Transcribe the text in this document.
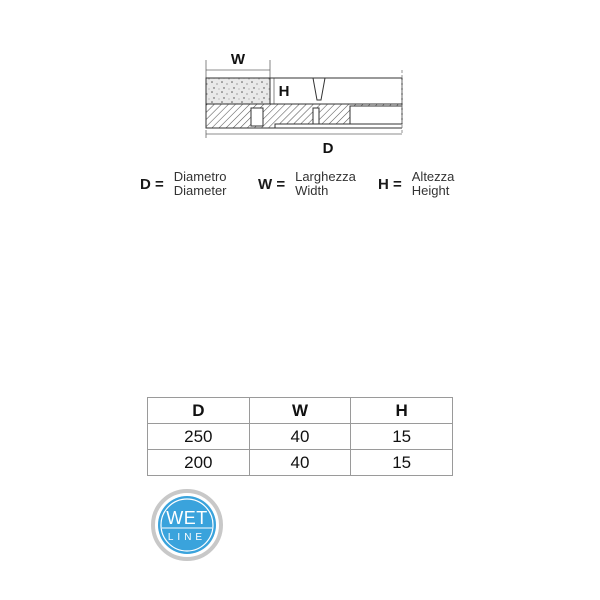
W
H
D
D = Diametro
Diameter W = Larghezza
Width	H = Altezza
Height
D	W	H
250	40	15
200	40	15
WET
LINE
